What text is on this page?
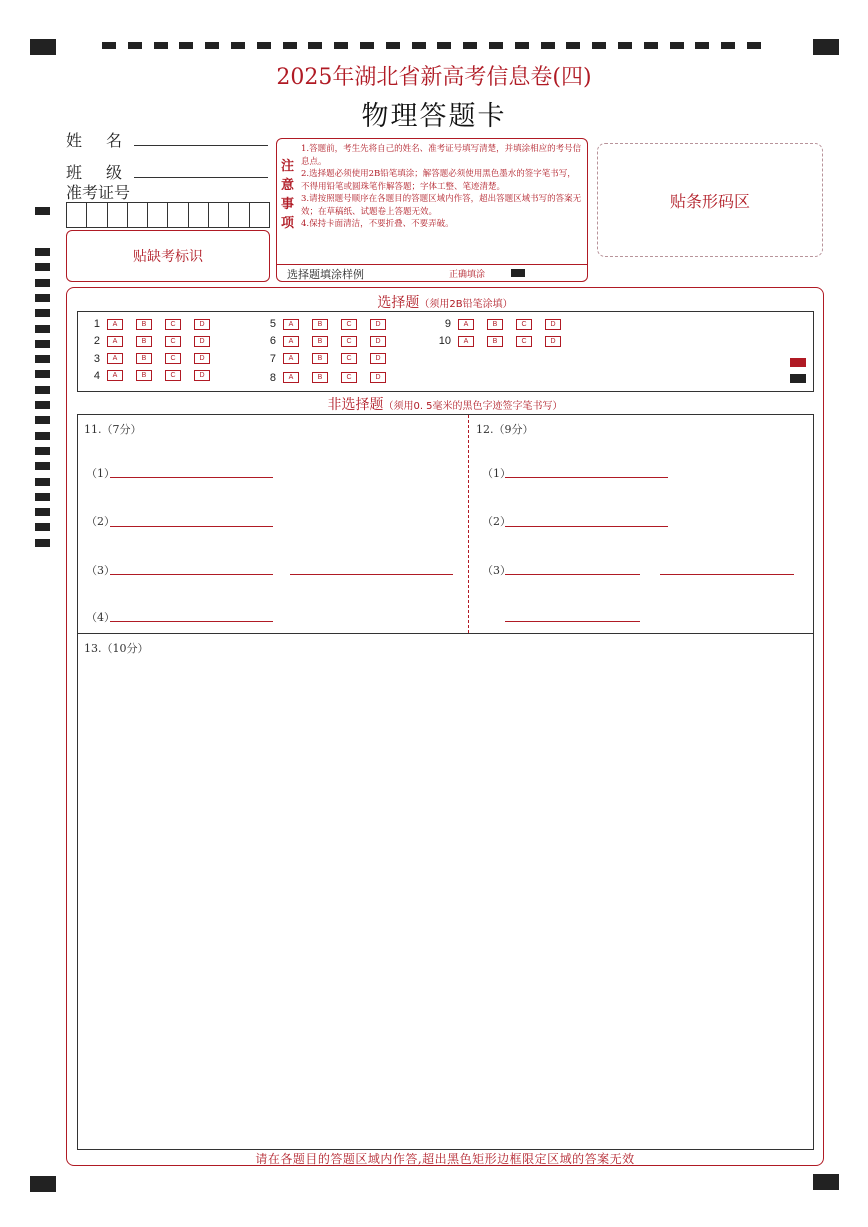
2025年湖北省新高考信息卷(四)
物理答题卡
姓　名
班　级
准考证号
贴缺考标识
注意事项

1.答题前，考生先将自己的姓名、准考证号填写清楚，并填涂相应的考号信息点。

2.选择题必须使用2B铅笔填涂；解答题必须使用黑色墨水的签字笔书写，不得用铅笔或圆珠笔作解答题；字体工整、笔迹清楚。

3.请按照题号顺序在各题目的答题区域内作答，超出答题区域书写的答案无效；在草稿纸、试题卷上答题无效。

4.保持卡面清洁，不要折叠、不要弄破。

选择题填涂样例	正确填涂
贴条形码区
选择题（须用2B铅笔涂填）
1	A	B	C	D
2	A	B	C	D
3	A	B	C	D
4	A	B	C	D
5	A	B	C	D
6	A	B	C	D
7	A	B	C	D
8	A	B	C	D
9	A	B	C	D
10	A	B	C	D
非选择题（须用0. 5毫米的黑色字迹签字笔书写）
11.（7分）	12.（9分）
13.（10分）
（1）
（2）
（3）
（4）
（1）
（2）
（3）
请在各题目的答题区域内作答,超出黑色矩形边框限定区域的答案无效
